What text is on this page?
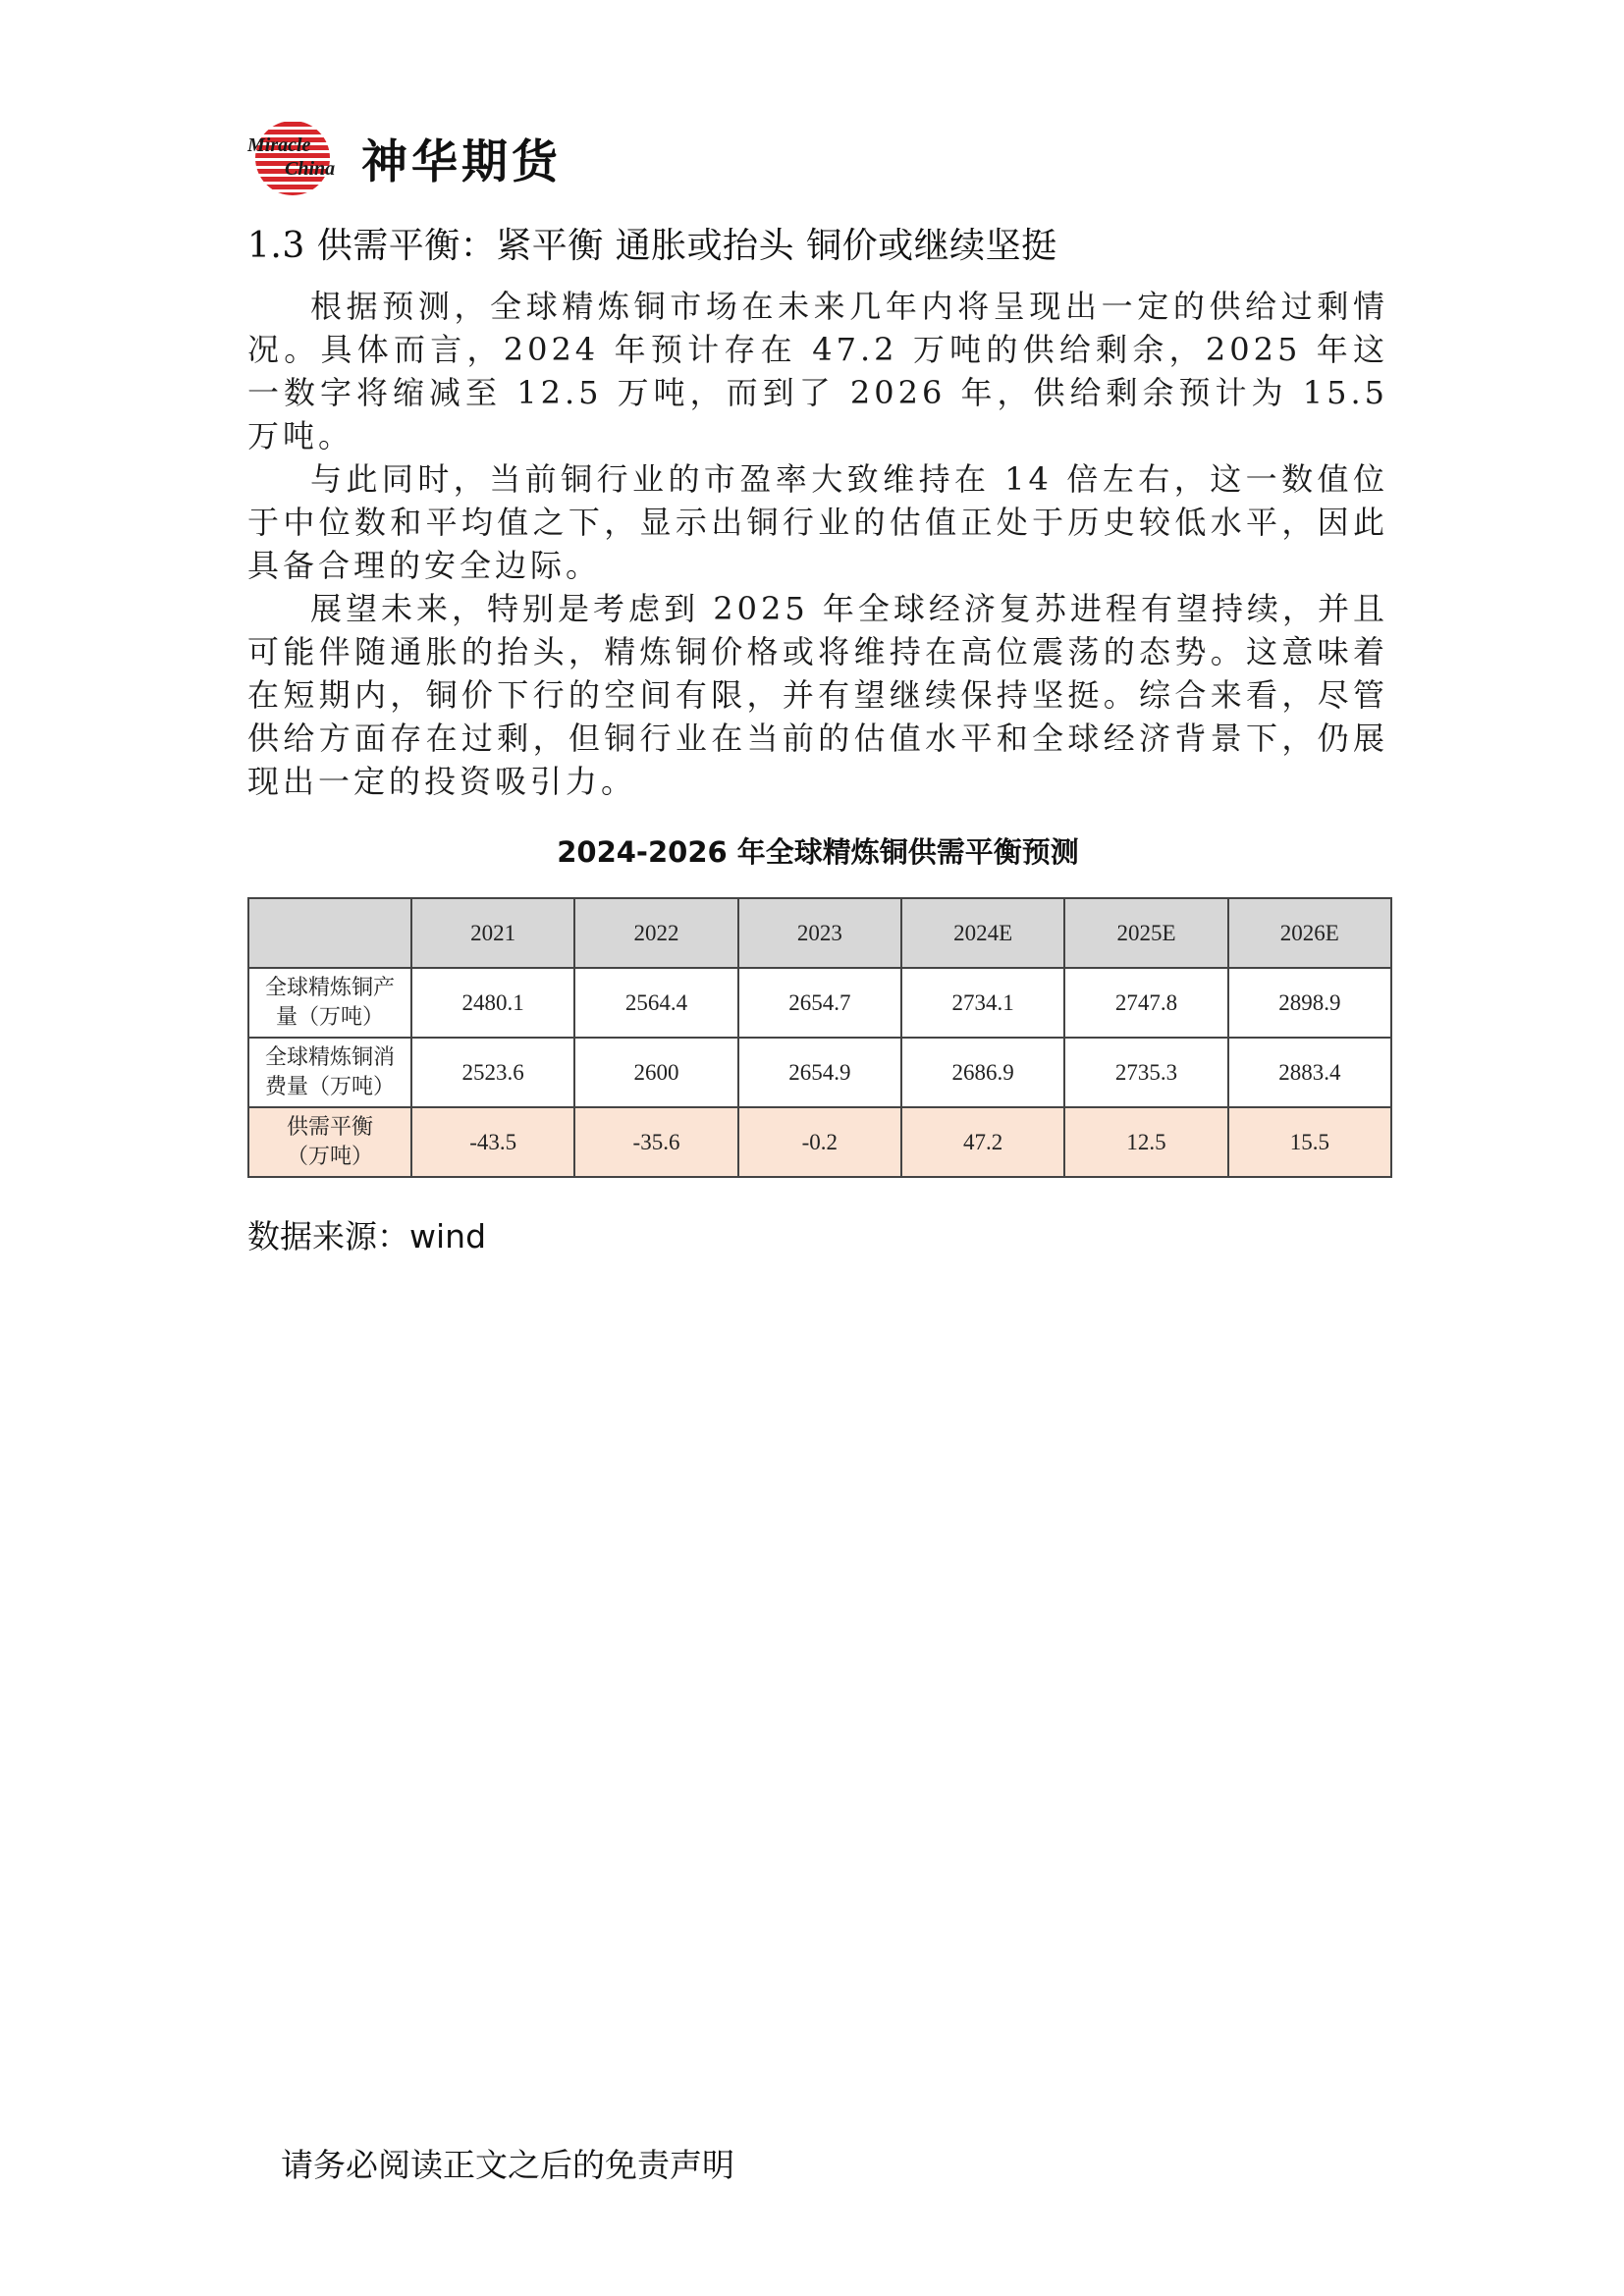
Miracle
China 神华期货
1.3 供需平衡：紧平衡 通胀或抬头 铜价或继续坚挺

根据预测，全球精炼铜市场在未来几年内将呈现出一定的供给过剩情况。具体而言，2024 年预计存在 47.2 万吨的供给剩余，2025 年这一数字将缩减至 12.5 万吨，而到了 2026 年，供给剩余预计为 15.5 万吨。

与此同时，当前铜行业的市盈率大致维持在 14 倍左右，这一数值位于中位数和平均值之下，显示出铜行业的估值正处于历史较低水平，因此具备合理的安全边际。

展望未来，特别是考虑到 2025 年全球经济复苏进程有望持续，并且可能伴随通胀的抬头，精炼铜价格或将维持在高位震荡的态势。这意味着在短期内，铜价下行的空间有限，并有望继续保持坚挺。综合来看，尽管供给方面存在过剩，但铜行业在当前的估值水平和全球经济背景下，仍展现出一定的投资吸引力。

2024-2026 年全球精炼铜供需平衡预测
	2021	2022	2023	2024E	2025E	2026E
全球精炼铜产
量（万吨）	2480.1	2564.4	2654.7	2734.1	2747.8	2898.9
全球精炼铜消
费量（万吨）	2523.6	2600	2654.9	2686.9	2735.3	2883.4
供需平衡
（万吨）	-43.5	-35.6	-0.2	47.2	12.5	15.5
数据来源：wind
请务必阅读正文之后的免责声明
